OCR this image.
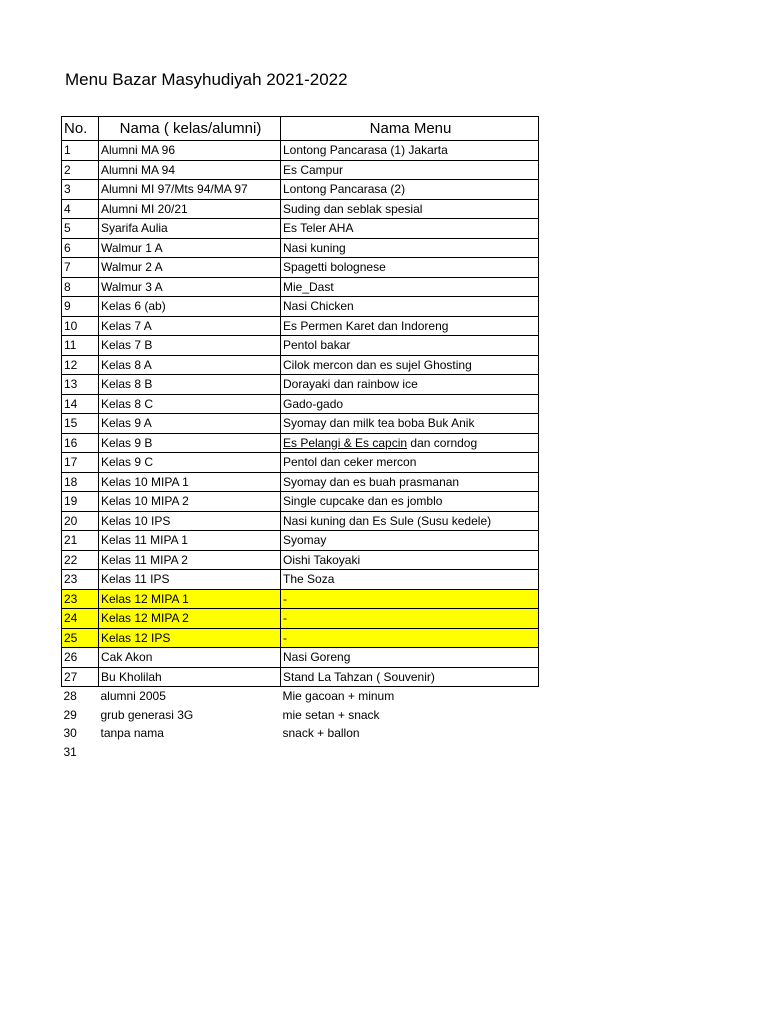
Menu Bazar Masyhudiyah 2021-2022
No.	Nama ( kelas/alumni)	Nama Menu
1	Alumni MA 96	Lontong Pancarasa (1) Jakarta
2	Alumni MA 94	Es Campur
3	Alumni MI 97/Mts 94/MA 97	Lontong Pancarasa (2)
4	Alumni MI 20/21	Suding dan seblak spesial
5	Syarifa Aulia	Es Teler AHA
6	Walmur 1 A	Nasi kuning
7	Walmur 2 A	Spagetti bolognese
8	Walmur 3 A	Mie_Dast
9	Kelas 6 (ab)	Nasi Chicken
10	Kelas 7 A	Es Permen Karet dan Indoreng
11	Kelas 7 B	Pentol bakar
12	Kelas 8 A	Cilok mercon dan es sujel Ghosting
13	Kelas 8 B	Dorayaki dan rainbow ice
14	Kelas 8 C	Gado-gado
15	Kelas 9 A	Syomay dan milk tea boba Buk Anik
16	Kelas 9 B	Es Pelangi & Es capcin dan corndog
17	Kelas 9 C	Pentol dan ceker mercon
18	Kelas 10 MIPA 1	Syomay dan es buah prasmanan
19	Kelas 10 MIPA 2	Single cupcake dan es jomblo
20	Kelas 10 IPS	Nasi kuning dan Es Sule (Susu kedele)
21	Kelas 11 MIPA 1	Syomay
22	Kelas 11 MIPA 2	Oishi Takoyaki
23	Kelas 11 IPS	The Soza
23	Kelas 12 MIPA 1	-
24	Kelas 12 MIPA 2	-
25	Kelas 12 IPS	-
26	Cak Akon	Nasi Goreng
27	Bu Kholilah	Stand La Tahzan ( Souvenir)
28	alumni 2005	Mie gacoan + minum
29	grub generasi 3G	mie setan + snack
30	tanpa nama	snack + ballon
31		
